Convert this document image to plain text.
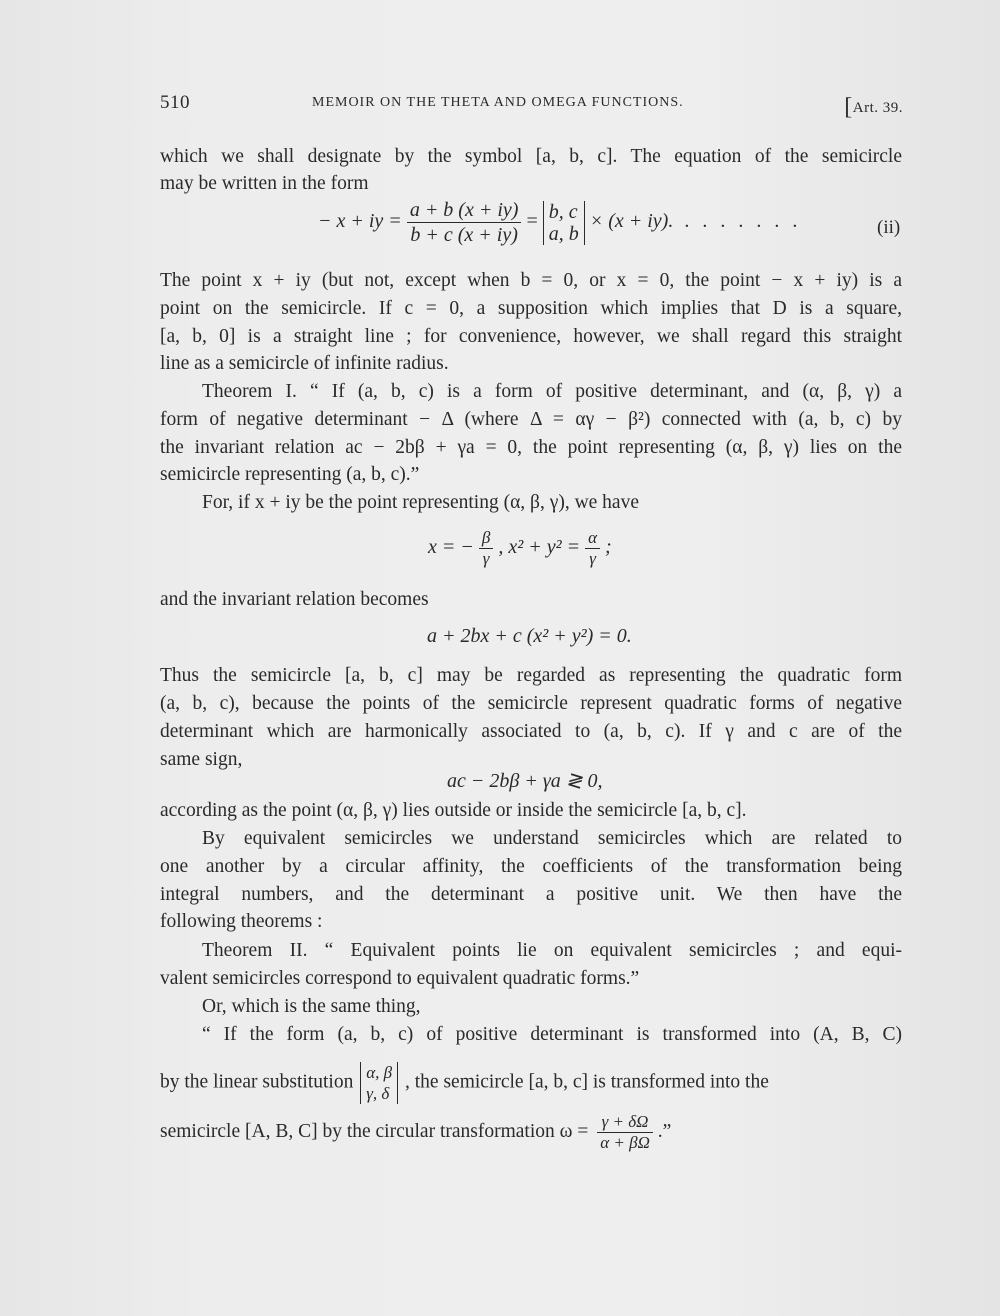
510	MEMOIR ON THE THETA AND OMEGA FUNCTIONS.	[Art. 39.
which we shall designate by the symbol [a, b, c]. The equation of the semicircle
may be written in the form
− x + iy = $\frac{a + b (x + iy)}{b + c (x + iy)} = b$, c
a, b
× (x + iy). . . . . . . .	(ii)
The point x + iy (but not, except when b = 0, or x = 0, the point − x + iy) is a
point on the semicircle. If c = 0, a supposition which implies that D is a square,
[a, b, 0] is a straight line ; for convenience, however, we shall regard this straight
line as a semicircle of infinite radius.
Theorem I. “ If (a, b, c) is a form of positive determinant, and (α, β, γ) a
form of negative determinant − Δ (where Δ = αγ − β²) connected with (a, b, c) by
the invariant relation ac − 2bβ + γa = 0, the point representing (α, β, γ) lies on the
semicircle representing (a, b, c).”
For, if x + iy be the point representing (α, β, γ), we have
x = − $\frac{\beta}{\gamma}$ , $x^2 + y^2 = \frac{\alpha}{\gamma}$ ;
and the invariant relation becomes
a + 2bx + c (x² + y²) = 0.
Thus the semicircle [a, b, c] may be regarded as representing the quadratic form
(a, b, c), because the points of the semicircle represent quadratic forms of negative
determinant which are harmonically associated to (a, b, c). If γ and c are of the
same sign,
ac − 2bβ + γa ≷ 0,
according as the point (α, β, γ) lies outside or inside the semicircle [a, b, c].
By equivalent semicircles we understand semicircles which are related to
one another by a circular affinity, the coefficients of the transformation being
integral numbers, and the determinant a positive unit. We then have the
following theorems :
Theorem II. “ Equivalent points lie on equivalent semicircles ; and equi-
valent semicircles correspond to equivalent quadratic forms.”
Or, which is the same thing,
“ If the form (a, b, c) of positive determinant is transformed into (A, B, C)
by the linear substitution α, β
γ, δ
, the semicircle [a, b, c] is transformed into the
semicircle [A, B, C] by the circular transformation $\omega = \frac{\gamma + \delta\Omega}{\alpha + \beta\Omega}$ .”
